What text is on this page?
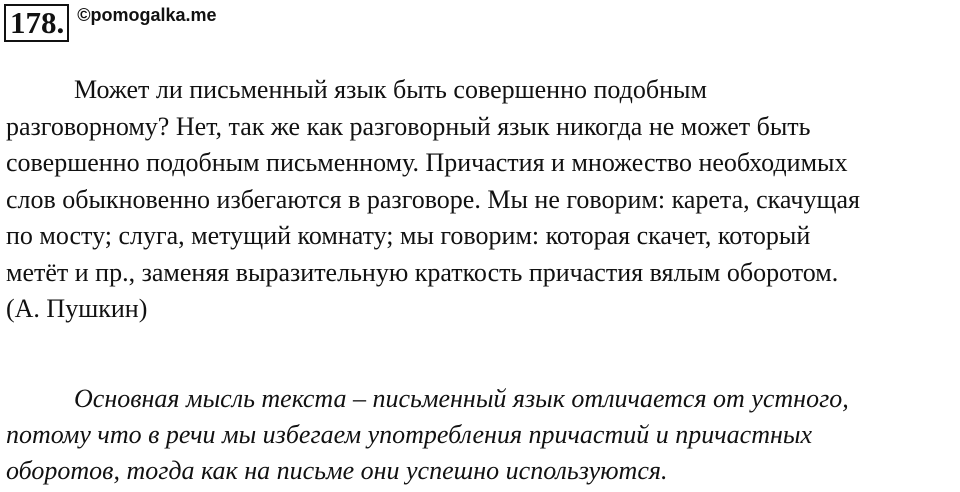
178. ©pomogalka.me
Может ли письменный язык быть совершенно подобным
разговорному? Нет, так же как разговорный язык никогда не может быть
совершенно подобным письменному. Причастия и множество необходимых
слов обыкновенно избегаются в разговоре. Мы не говорим: карета, скачущая
по мосту; слуга, метущий комнату; мы говорим: которая скачет, который
метёт и пр., заменяя выразительную краткость причастия вялым оборотом.
(А. Пушкин)
Основная мысль текста – письменный язык отличается от устного,
потому что в речи мы избегаем употребления причастий и причастных
оборотов, тогда как на письме они успешно используются.
